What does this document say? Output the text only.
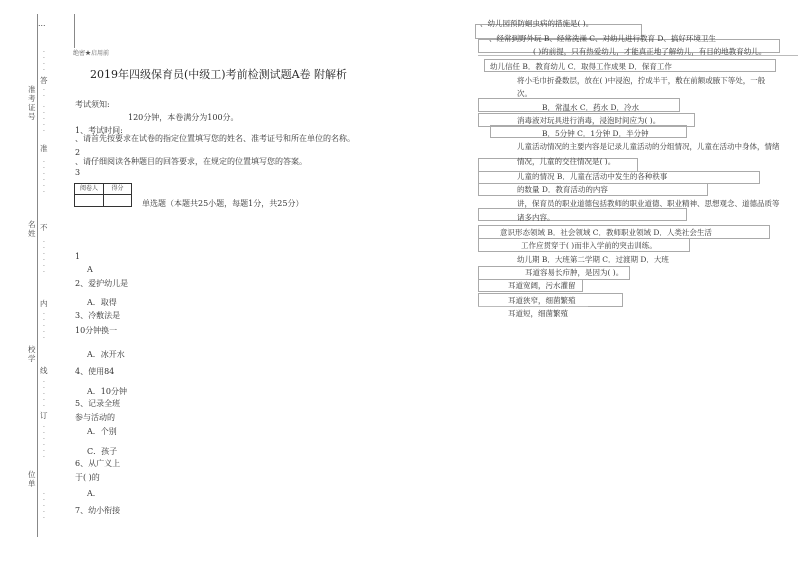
…
·
·
·
·
答
·
·
准考证号
·
·
·
·
·
准
·
·
·
·
·
·
名姓
不
·
·
·
·
·
·
内
·
·
·
·
·
校学
线
·
·
·
·
·
订
·
·
·
·
·
·
位单
·
·
·
·
·
绝密★启用前
2019年四级保育员(中级工)考前检测试题A卷 附解析
考试须知:
120分钟，本卷满分为100分。
1、考试时间:
、请首先按要求在试卷的指定位置填写您的姓名、准考证号和所在单位的名称。
2
、请仔细阅读各种题目的回答要求，在规定的位置填写您的答案。
3
阅卷人	得分
单选题（本题共25小题，每题1分，共25分）
1
A
2、爱护幼儿是
A．取得
3、冷敷法是
10分钟换一
A．冰开水
4、使用84
A．10分钟
5、记录全班
参与活动的
A．个别
C．孩子
6、从广义上
于( )的
A．
7、幼小衔接
、幼儿园预防蛔虫病的措施是( )。
、经常到野外玩 B、经常洗澡 C、对幼儿进行教育 D、搞好环境卫生
( )的前提，只有热爱幼儿，才能真正地了解幼儿，有目的地教育幼儿。
幼儿信任 B．教育幼儿 C．取得工作成果 D．保育工作
将小毛巾折叠数层，放在( )中浸泡，拧成半干，敷在前额或腋下等处，一般
次。
B．常温水 C．药水 D．冷水
消毒液对玩具进行消毒，浸泡时间应为( )。
B．5分钟 C．1分钟 D．半分钟
儿童活动情况的主要内容是记录儿童活动的分组情况，儿童在活动中身体，情绪
情况，儿童的交往情况是( )。
儿童的情况 B．儿童在活动中发生的各种秩事
的数量 D．教育活动的内容
讲，保育员的职业道德包括教师的职业道德、职业精神、思想观念、道德品质等
诸多内容。
意识形态领域 B．社会领域 C．教师职业领域 D．人类社会生活
工作应贯穿于( )而非入学前的突击训练。
幼儿期 B．大班第二学期 C．过渡期 D．大班
耳道容易长疖肿，是因为( )。
耳道宽阔，污水灌留
耳道狭窄，细菌繁殖
耳道短，细菌繁殖
